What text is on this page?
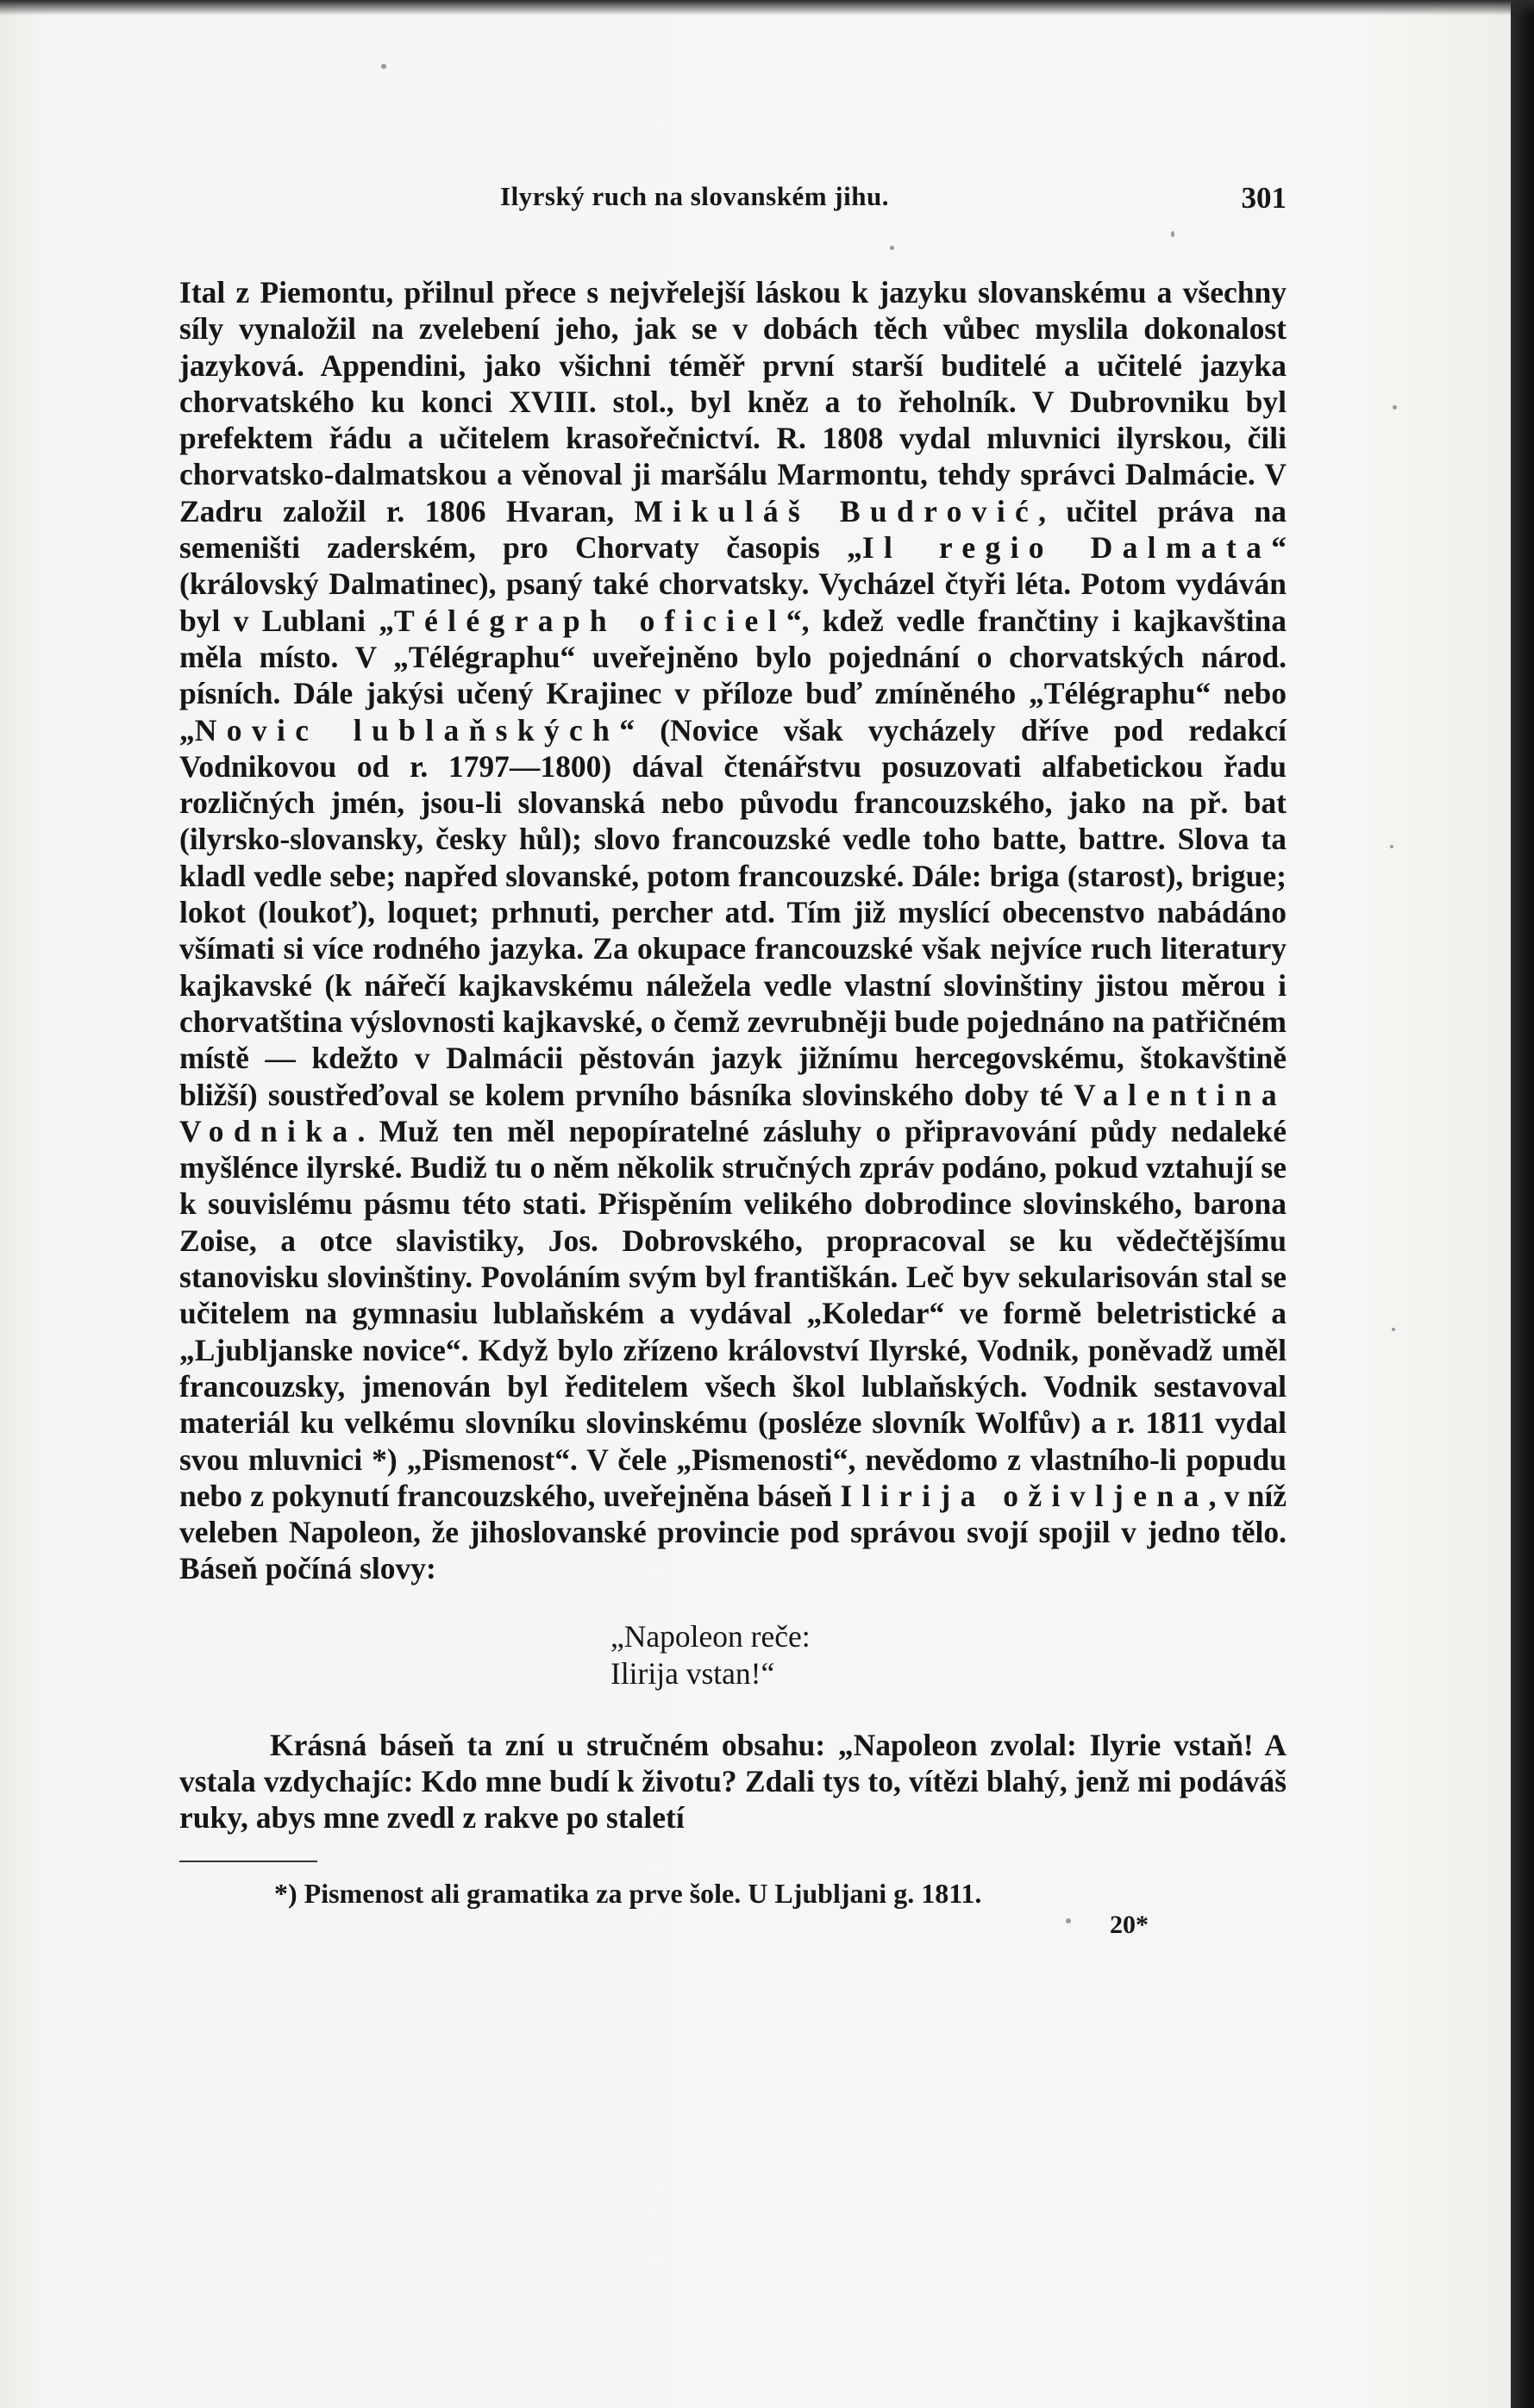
Ilyrský ruch na slovanském jihu.	301

Ital z Piemontu, přilnul přece s nejvřelejší láskou k jazyku slovanskému a všechny síly vynaložil na zvelebení jeho, jak se v dobách těch vůbec myslila dokonalost jazyková. Appendini, jako všichni téměř první starší buditelé a učitelé jazyka chorvatského ku konci XVIII. stol., byl kněz a to řeholník. V Dubrovniku byl prefektem řádu a učitelem krasořečnictví. R. 1808 vydal mluvnici ilyrskou, čili chorvatsko-dalmatskou a věnoval ji maršálu Marmontu, tehdy správci Dalmácie. V Zadru založil r. 1806 Hvaran, Mikuláš Budrović, učitel práva na semeništi zaderském, pro Chorvaty časopis „Il regio Dalmata“ (královský Dalmatinec), psaný také chorvatsky. Vycházel čtyři léta. Potom vydáván byl v Lublani „Télégraph oficiel“, kdež vedle frančtiny i kajkavština měla místo. V „Télégraphu“ uveřejněno bylo pojednání o chorvatských národ. písních. Dále jakýsi učený Krajinec v příloze buď zmíněného „Télégraphu“ nebo „Novic lublaňských“ (Novice však vycházely dříve pod redakcí Vodnikovou od r. 1797—1800) dával čtenářstvu posuzovati alfabetickou řadu rozličných jmén, jsou-li slovanská nebo původu francouzského, jako na př. bat (ilyrsko-slovansky, česky hůl); slovo francouzské vedle toho batte, battre. Slova ta kladl vedle sebe; napřed slovanské, potom francouzské. Dále: briga (starost), brigue; lokot (loukoť), loquet; prhnuti, percher atd. Tím již myslící obecenstvo nabádáno všímati si více rodného jazyka. Za okupace francouzské však nejvíce ruch literatury kajkavské (k nářečí kajkavskému náležela vedle vlastní slovinštiny jistou měrou i chorvatština výslovnosti kajkavské, o čemž zevrubněji bude pojednáno na patřičném místě — kdežto v Dalmácii pěstován jazyk jižnímu hercegovskému, štokavštině bližší) soustřeďoval se kolem prvního básníka slovinského doby té Valentina Vodnika. Muž ten měl nepopíratelné zásluhy o připravování půdy nedaleké myšlénce ilyrské. Budiž tu o něm několik stručných zpráv podáno, pokud vztahují se k souvislému pásmu této stati. Přispěním velikého dobrodince slovinského, barona Zoise, a otce slavistiky, Jos. Dobrovského, propracoval se ku vědečtějšímu stanovisku slovinštiny. Povoláním svým byl františkán. Leč byv sekularisován stal se učitelem na gymnasiu lublaňském a vydával „Koledar“ ve formě beletristické a „Ljubljanske novice“. Když bylo zřízeno království Ilyrské, Vodnik, poněvadž uměl francouzsky, jmenován byl ředitelem všech škol lublaňských. Vodnik sestavoval materiál ku velkému slovníku slovinskému (posléze slovník Wolfův) a r. 1811 vydal svou mluvnici *) „Pismenost“. V čele „Pismenosti“, nevědomo z vlastního-li popudu nebo z pokynutí francouzského, uveřejněna báseň Ilirija oživljena, v níž veleben Napoleon, že jihoslovanské provincie pod správou svojí spojil v jedno tělo. Báseň počíná slovy:

„Napoleon reče:
Ilirija vstan!“

Krásná báseň ta zní u stručném obsahu: „Napoleon zvolal: Ilyrie vstaň! A vstala vzdychajíc: Kdo mne budí k životu? Zdali tys to, vítězi blahý, jenž mi podáváš ruky, abys mne zvedl z rakve po staletí

*) Pismenost ali gramatika za prve šole. U Ljubljani g. 1811.
20*
